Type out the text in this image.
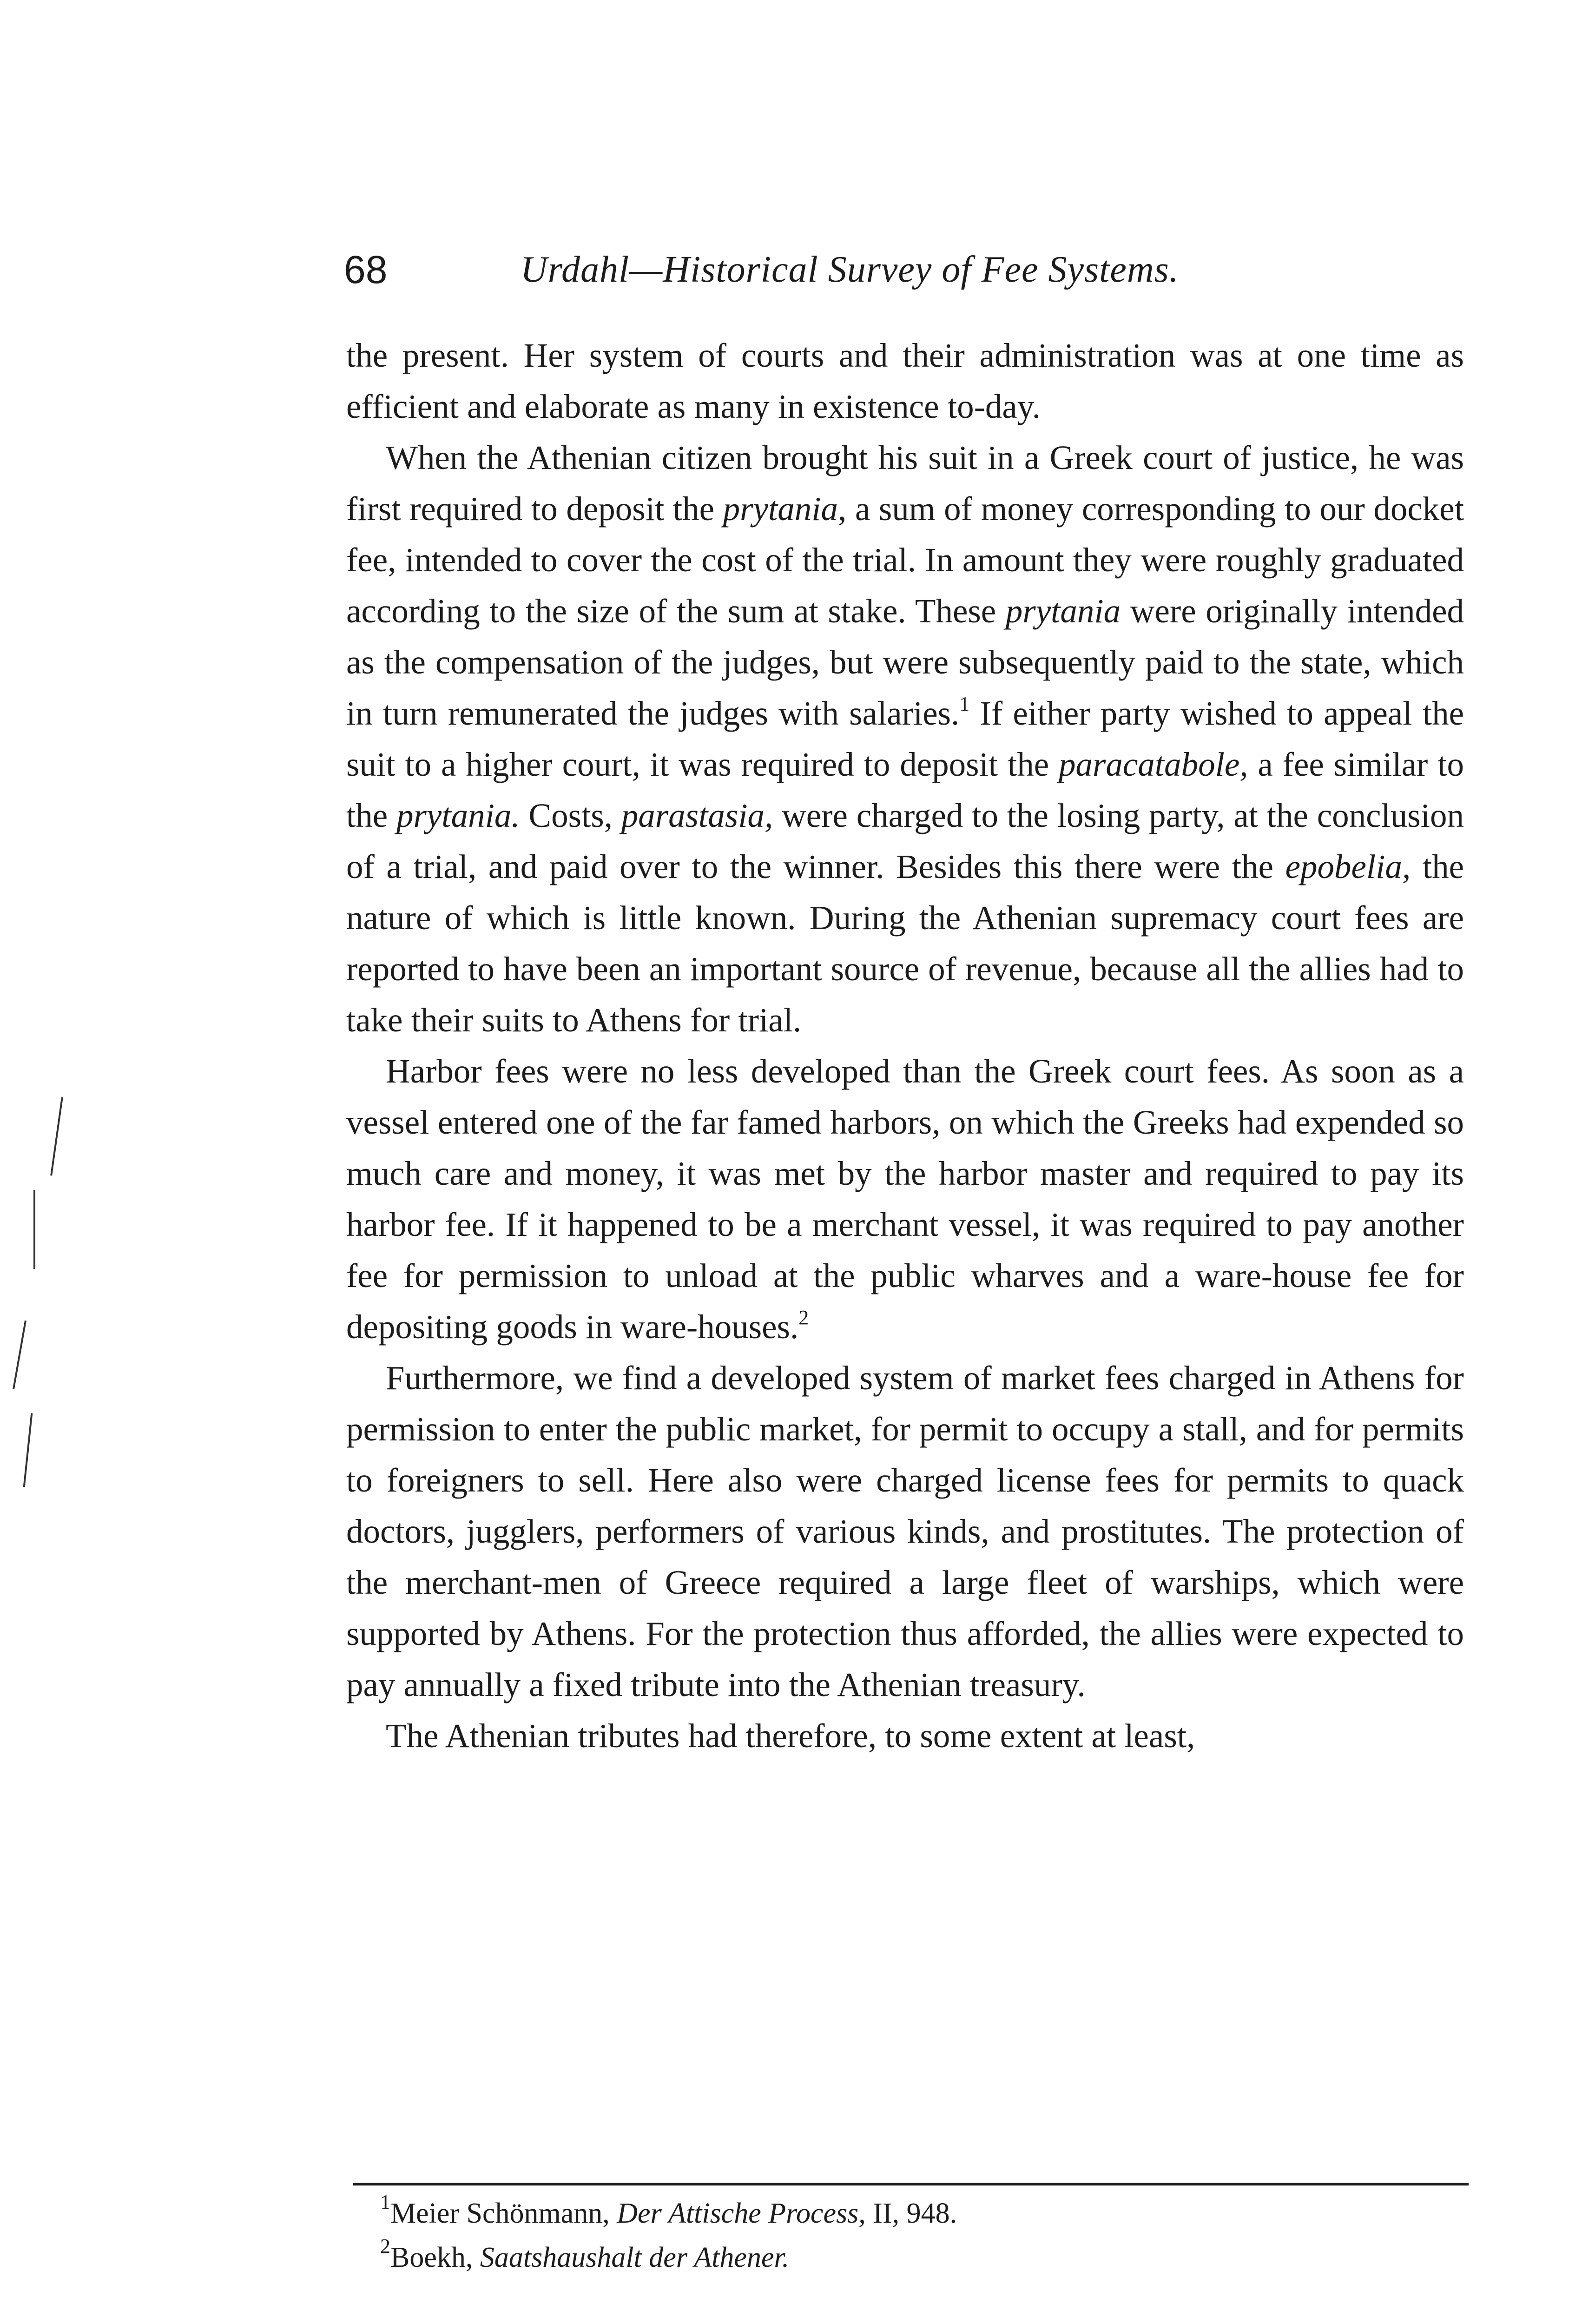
68	Urdahl—Historical Survey of Fee Systems.

the present. Her system of courts and their administration was at one time as efficient and elaborate as many in existence to-day.

When the Athenian citizen brought his suit in a Greek court of justice, he was first required to deposit the prytania, a sum of money corresponding to our docket fee, intended to cover the cost of the trial. In amount they were roughly graduated according to the size of the sum at stake. These prytania were originally intended as the compensation of the judges, but were subsequently paid to the state, which in turn remunerated the judges with salaries.$^1$ If either party wished to appeal the suit to a higher court, it was required to deposit the paracatabole, a fee similar to the prytania. Costs, parastasia, were charged to the losing party, at the conclusion of a trial, and paid over to the winner. Besides this there were the epobelia, the nature of which is little known. During the Athenian supremacy court fees are reported to have been an important source of revenue, because all the allies had to take their suits to Athens for trial.

Harbor fees were no less developed than the Greek court fees. As soon as a vessel entered one of the far famed harbors, on which the Greeks had expended so much care and money, it was met by the harbor master and required to pay its harbor fee. If it happened to be a merchant vessel, it was required to pay another fee for permission to unload at the public wharves and a ware-house fee for depositing goods in ware-houses.$^2$

Furthermore, we find a developed system of market fees charged in Athens for permission to enter the public market, for permit to occupy a stall, and for permits to foreigners to sell. Here also were charged license fees for permits to quack doctors, jugglers, performers of various kinds, and prostitutes. The protection of the merchant-men of Greece required a large fleet of warships, which were supported by Athens. For the protection thus afforded, the allies were expected to pay annually a fixed tribute into the Athenian treasury.

The Athenian tributes had therefore, to some extent at least,

$^1$Meier Schönmann, Der Attische Process, II, 948.

$^2$Boekh, Saatshaushalt der Athener.
